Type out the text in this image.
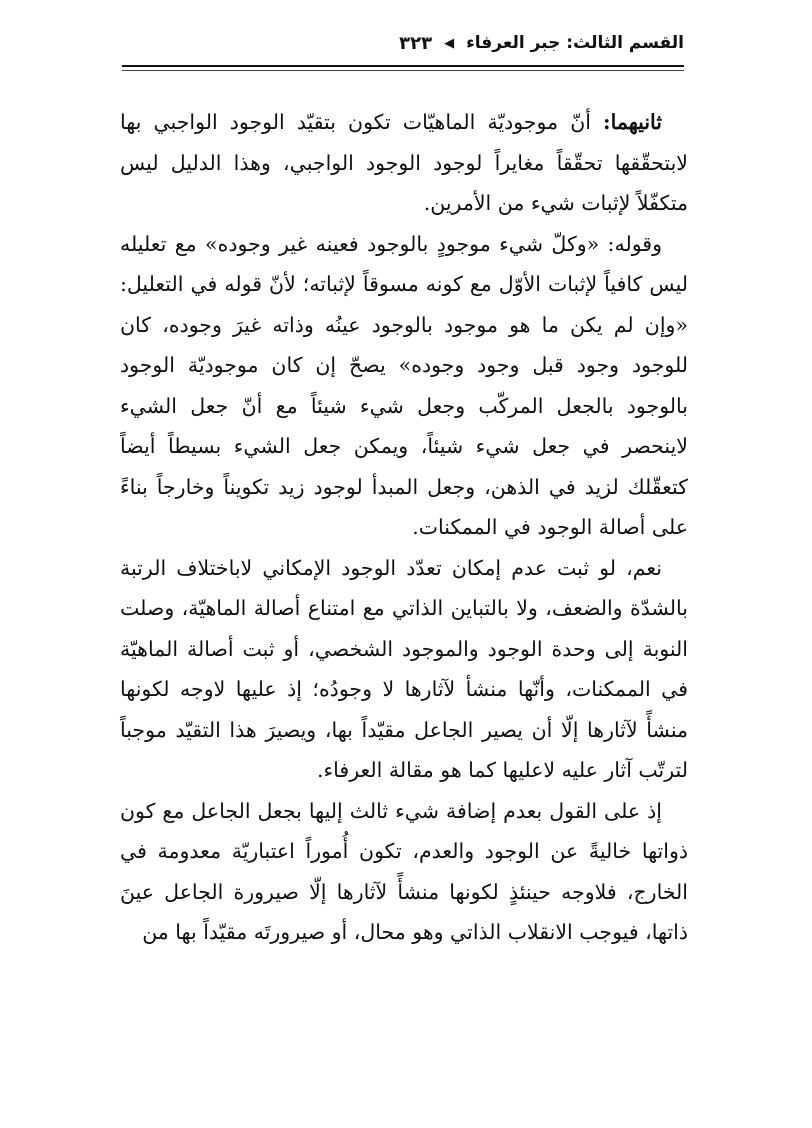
القسم الثالث: جبر العرفاء
◀
٣٢٣

ثانيهما: أنّ موجوديّة الماهيّات تكون بتقيّد الوجود الواجبي بها لابتحقّقها تحقّقاً مغايراً لوجود الوجود الواجبي، وهذا الدليل ليس متكفّلاً لإثبات شيء من الأمرين.

وقوله: «وكلّ شيء موجودٍ بالوجود فعينه غير وجوده» مع تعليله ليس كافياً لإثبات الأوّل مع كونه مسوقاً لإثباته؛ لأنّ قوله في التعليل: «وإن لم يكن ما هو موجود بالوجود عينُه وذاته غيرَ وجوده، كان للوجود وجود قبل وجود وجوده» يصحّ إن كان موجوديّة الوجود بالوجود بالجعل المركّب وجعل شيء شيئاً مع أنّ جعل الشيء لاينحصر في جعل شيء شيئاً، ويمكن جعل الشيء بسيطاً أيضاً كتعقّلك لزيد في الذهن، وجعل المبدأ لوجود زيد تكويناً وخارجاً بناءً على أصالة الوجود في الممكنات.

نعم، لو ثبت عدم إمكان تعدّد الوجود الإمكاني لاباختلاف الرتبة بالشدّة والضعف، ولا بالتباين الذاتي مع امتناع أصالة الماهيّة، وصلت النوبة إلى وحدة الوجود والموجود الشخصي، أو ثبت أصالة الماهيّة في الممكنات، وأنّها منشأ لآثارها لا وجودُه؛ إذ عليها لاوجه لكونها منشأً لآثارها إلّا أن يصير الجاعل مقيّداً بها، ويصيرَ هذا التقيّد موجباً لترتّب آثار عليه لاعليها كما هو مقالة العرفاء.

إذ على القول بعدم إضافة شيء ثالث إليها بجعل الجاعل مع كون ذواتها خاليةً عن الوجود والعدم، تكون أُموراً اعتباريّة معدومة في الخارج، فلاوجه حينئذٍ لكونها منشأً لآثارها إلّا صيرورة الجاعل عينَ ذاتها، فيوجب الانقلاب الذاتي وهو محال، أو صيرورتَه مقيّداً بها من
